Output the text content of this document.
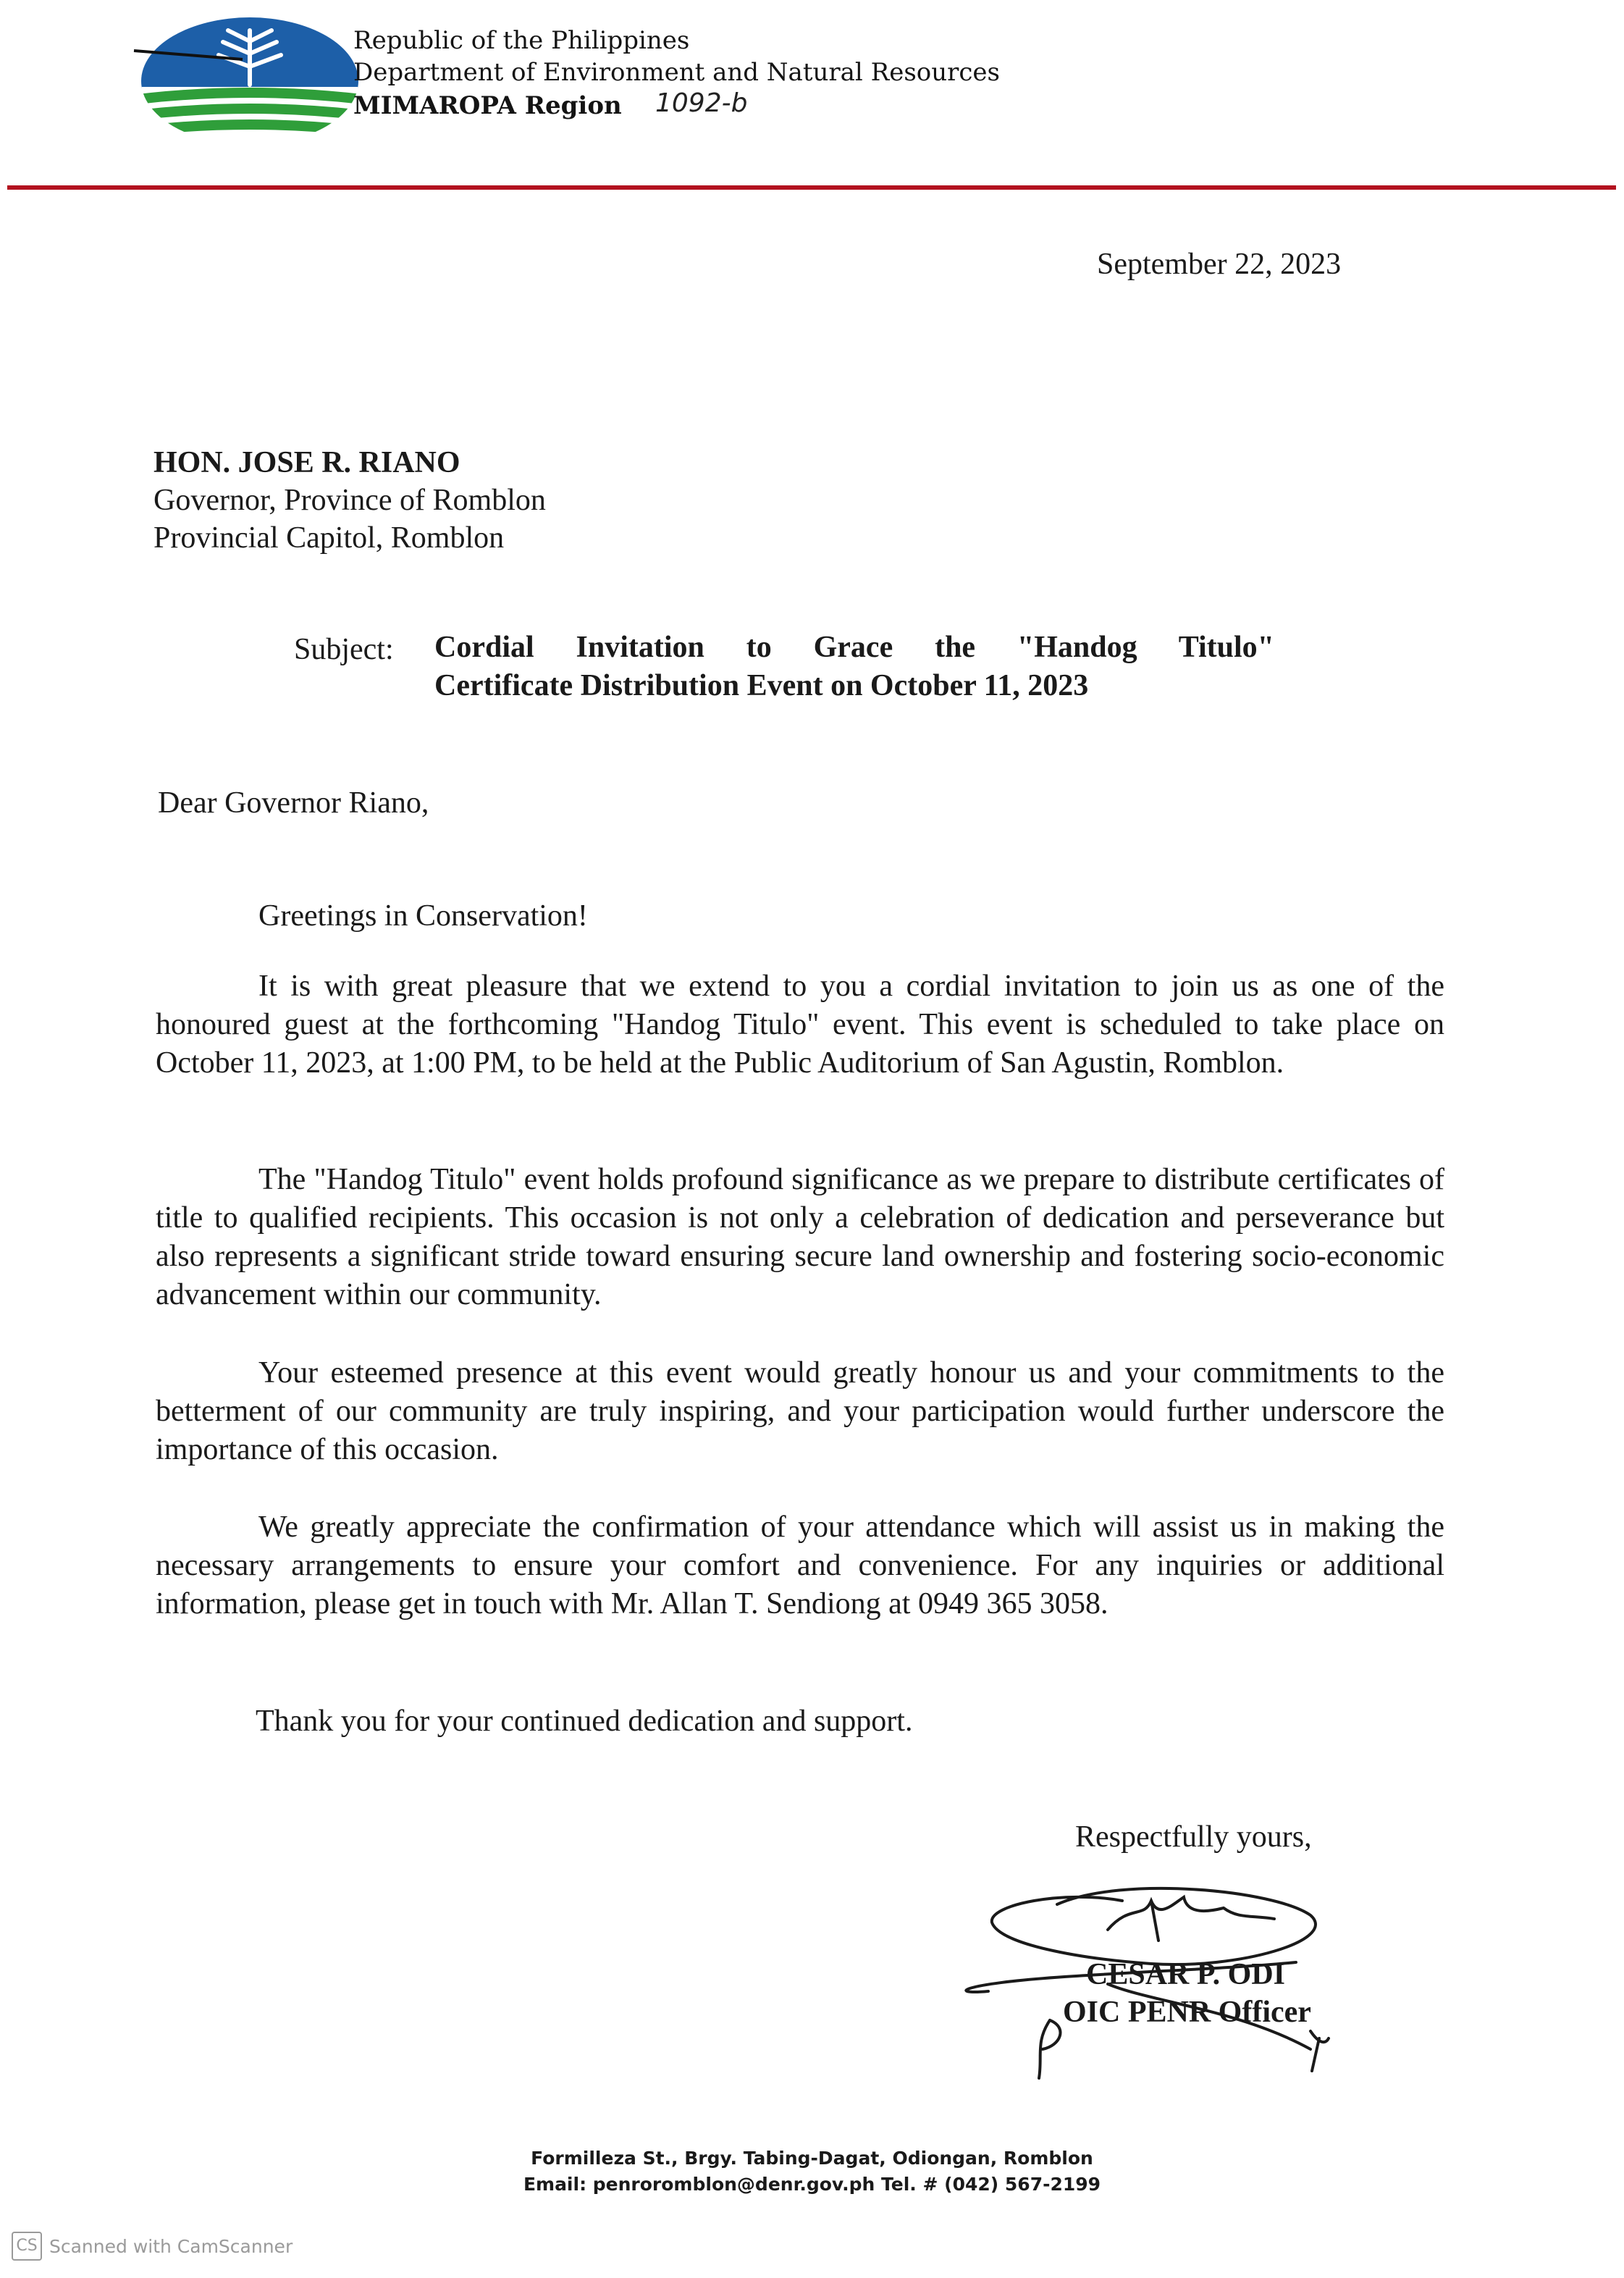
Republic of the Philippines
Department of Environment and Natural Resources
MIMAROPA Region 1092-b
September 22, 2023
HON. JOSE R. RIANO
Governor, Province of Romblon
Provincial Capitol, Romblon
Subject: Cordial Invitation to Grace the "Handog Titulo"
Certificate Distribution Event on October 11, 2023
Dear Governor Riano,
Greetings in Conservation!
It is with great pleasure that we extend to you a cordial invitation to join us as one of the honoured guest at the forthcoming "Handog Titulo" event. This event is scheduled to take place on October 11, 2023, at 1:00 PM, to be held at the Public Auditorium of San Agustin, Romblon.
The "Handog Titulo" event holds profound significance as we prepare to distribute certificates of title to qualified recipients. This occasion is not only a celebration of dedication and perseverance but also represents a significant stride toward ensuring secure land ownership and fostering socio-economic advancement within our community.
Your esteemed presence at this event would greatly honour us and your commitments to the betterment of our community are truly inspiring, and your participation would further underscore the importance of this occasion.
We greatly appreciate the confirmation of your attendance which will assist us in making the necessary arrangements to ensure your comfort and convenience. For any inquiries or additional information, please get in touch with Mr. Allan T. Sendiong at 0949 365 3058.
Thank you for your continued dedication and support.
Respectfully yours,
CESAR P. ODI
OIC PENR Officer
Formilleza St., Brgy. Tabing-Dagat, Odiongan, Romblon
Email: penroromblon@denr.gov.ph Tel. # (042) 567-2199
CS Scanned with CamScanner
